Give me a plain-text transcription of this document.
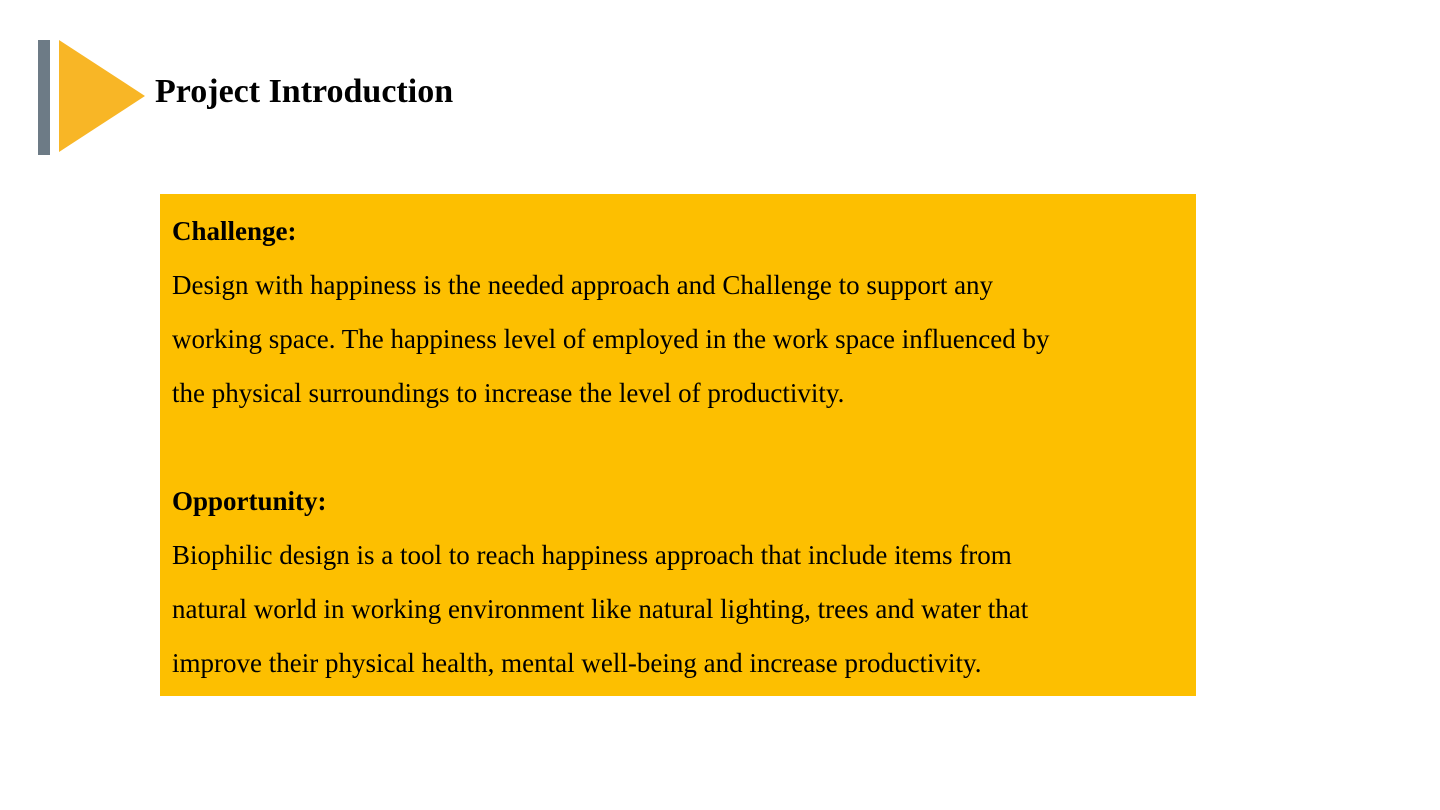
Project Introduction
Challenge:
Design with happiness is the needed approach and Challenge to support any
working space. The happiness level of employed in the work space influenced by
the physical surroundings to increase the level of productivity.
Opportunity:
Biophilic design is a tool to reach happiness approach that include items from
natural world in working environment like natural lighting, trees and water that
improve their physical health, mental well-being and increase productivity.
